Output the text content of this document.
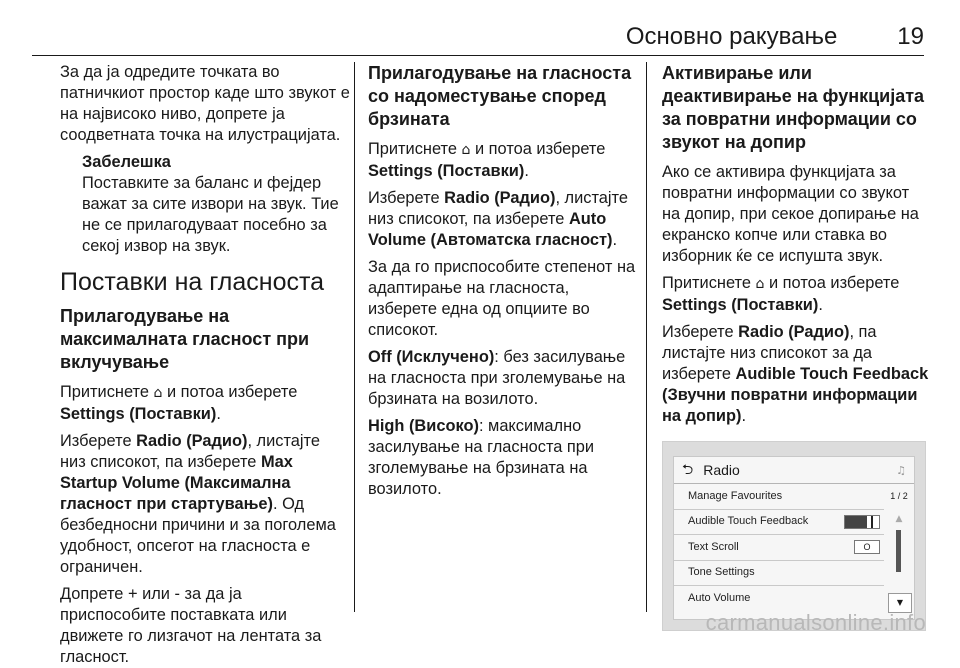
Основно ракување	19

За да ја одредите точката во патничкиот простор каде што звукот е на највисоко ниво, допрете ја соодветната точка на илустрацијата.

Забелешка
Поставките за баланс и фејдер важат за сите извори на звук. Тие не се прилагодуваат посебно за секој извор на звук.
Поставки на гласноста
Прилагодување на максималната гласност при вклучување

Притиснете ⌂ и потоа изберете Settings (Поставки).

Изберете Radio (Радио), листајте низ списокот, па изберете Max Startup Volume (Максимална гласност при стартување). Од безбедносни причини и за поголема удобност, опсегот на гласноста е ограничен.

Допрете + или - за да ја приспособите поставката или движете го лизгачот на лентата за гласност.

Прилагодување на гласноста со надоместување според брзината

Притиснете ⌂ и потоа изберете Settings (Поставки).

Изберете Radio (Радио), листајте низ списокот, па изберете Auto Volume (Автоматска гласност).

За да го приспособите степенот на адаптирање на гласноста, изберете една од опциите во списокот.

Off (Исклучено): без засилување на гласноста при зголемување на брзината на возилото.

High (Високо): максимално засилување на гласноста при зголемување на брзината на возилото.

Активирање или деактивирање на функцијата за повратни информации со звукот на допир

Ако се активира функцијата за повратни информации со звукот на допир, при секое допирање на екранско копче или ставка во изборник ќе се испушта звук.

Притиснете ⌂ и потоа изберете Settings (Поставки).

Изберете Radio (Радио), па листајте низ списокот за да изберете Audible Touch Feedback (Звучни повратни информации на допир).

⮌ Radio	♫
Manage Favourites
Audible Touch Feedback
Text Scroll	O
Tone Settings
Auto Volume
1 / 2
▲
▼
carmanualsonline.info
